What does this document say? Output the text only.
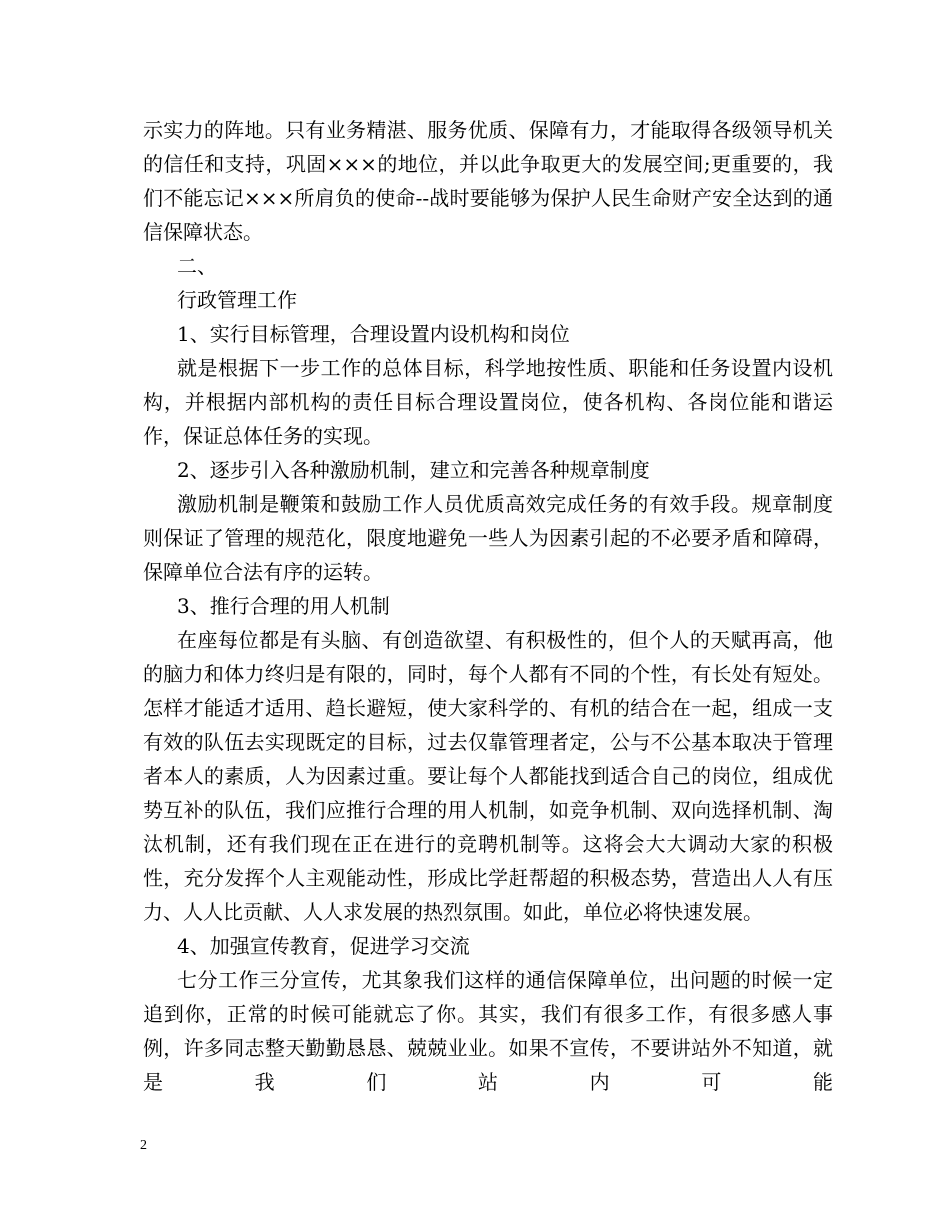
示实力的阵地。只有业务精湛、服务优质、保障有力，才能取得各级领导机关的信任和支持，巩固×××的地位，并以此争取更大的发展空间;更重要的，我们不能忘记×××所肩负的使命--战时要能够为保护人民生命财产安全达到的通信保障状态。

二、

行政管理工作

1、实行目标管理，合理设置内设机构和岗位

就是根据下一步工作的总体目标，科学地按性质、职能和任务设置内设机构，并根据内部机构的责任目标合理设置岗位，使各机构、各岗位能和谐运作，保证总体任务的实现。

2、逐步引入各种激励机制，建立和完善各种规章制度

激励机制是鞭策和鼓励工作人员优质高效完成任务的有效手段。规章制度则保证了管理的规范化，限度地避免一些人为因素引起的不必要矛盾和障碍，保障单位合法有序的运转。

3、推行合理的用人机制

在座每位都是有头脑、有创造欲望、有积极性的，但个人的天赋再高，他的脑力和体力终归是有限的，同时，每个人都有不同的个性，有长处有短处。怎样才能适才适用、趋长避短，使大家科学的、有机的结合在一起，组成一支有效的队伍去实现既定的目标，过去仅靠管理者定，公与不公基本取决于管理者本人的素质，人为因素过重。要让每个人都能找到适合自己的岗位，组成优势互补的队伍，我们应推行合理的用人机制，如竞争机制、双向选择机制、淘汰机制，还有我们现在正在进行的竞聘机制等。这将会大大调动大家的积极性，充分发挥个人主观能动性，形成比学赶帮超的积极态势，营造出人人有压力、人人比贡献、人人求发展的热烈氛围。如此，单位必将快速发展。

4、加强宣传教育，促进学习交流

七分工作三分宣传，尤其象我们这样的通信保障单位，出问题的时候一定追到你，正常的时候可能就忘了你。其实，我们有很多工作，有很多感人事例，许多同志整天勤勤恳恳、兢兢业业。如果不宣传，不要讲站外不知道，就是我们站内可能

2
